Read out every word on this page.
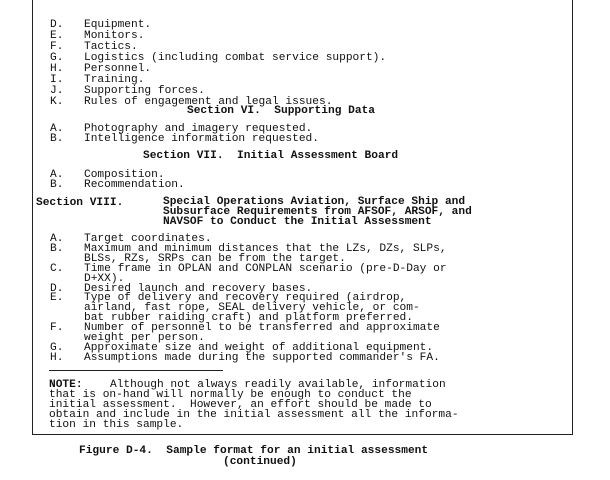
D. Equipment.
E. Monitors.
F. Tactics.
G. Logistics (including combat service support).
H. Personnel.
I. Training.
J. Supporting forces.
K. Rules of engagement and legal issues.
Section VI.  Supporting Data
A. Photography and imagery requested.
B. Intelligence information requested.
Section VII.  Initial Assessment Board
A. Composition.
B. Recommendation.
Section VIII.	Special Operations Aviation, Surface Ship and
Subsurface Requirements from AFSOF, ARSOF, and
NAVSOF to Conduct the Initial Assessment
A. Target coordinates.
B. Maximum and minimum distances that the LZs, DZs, SLPs,
BLSs, RZs, SRPs can be from the target.
C. Time frame in OPLAN and CONPLAN scenario (pre-D-Day or
D+XX).
D. Desired launch and recovery bases.
E. Type of delivery and recovery required (airdrop,
airland, fast rope, SEAL delivery vehicle, or com-
bat rubber raiding craft) and platform preferred.
F. Number of personnel to be transferred and approximate
weight per person.
G. Approximate size and weight of additional equipment.
H. Assumptions made during the supported commander's FA.
NOTE: Although not always readily available, information
that is on-hand will normally be enough to conduct the
initial assessment.  However, an effort should be made to
obtain and include in the initial assessment all the informa-
tion in this sample.
Figure D-4.  Sample format for an initial assessment
(continued)
